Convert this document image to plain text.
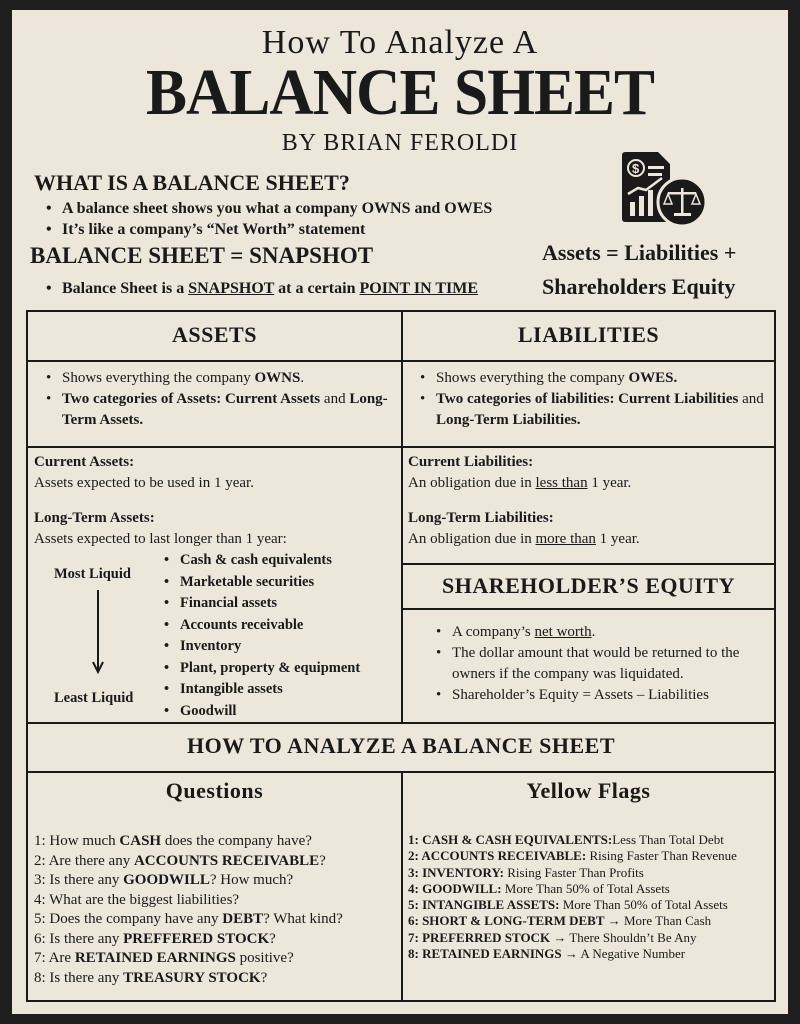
How To Analyze A
BALANCE SHEET
BY BRIAN FEROLDI
WHAT IS A BALANCE SHEET?
• A balance sheet shows you what a company OWNS and OWES
• It’s like a company’s “Net Worth” statement
BALANCE SHEET = SNAPSHOT
• Balance Sheet is a SNAPSHOT at a certain POINT IN TIME
$
Assets = Liabilities +
Shareholders Equity
ASSETS
• Shows everything the company OWNS.
• Two categories of Assets: Current Assets and Long-Term Assets.
Current Assets:
Assets expected to be used in 1 year.
Long-Term Assets:
Assets expected to last longer than 1 year:
Most Liquid
Least Liquid
• Cash & cash equivalents
• Marketable securities
• Financial assets
• Accounts receivable
• Inventory
• Plant, property & equipment
• Intangible assets
• Goodwill
LIABILITIES
• Shows everything the company OWES.
• Two categories of liabilities: Current Liabilities and Long-Term Liabilities.
Current Liabilities:
An obligation due in less than 1 year.
Long-Term Liabilities:
An obligation due in more than 1 year.
SHAREHOLDER’S EQUITY
• A company’s net worth.
• The dollar amount that would be returned to the owners if the company was liquidated.
• Shareholder’s Equity = Assets – Liabilities
HOW TO ANALYZE A BALANCE SHEET
Questions
1: How much CASH does the company have?
2: Are there any ACCOUNTS RECEIVABLE?
3: Is there any GOODWILL? How much?
4: What are the biggest liabilities?
5: Does the company have any DEBT? What kind?
6: Is there any PREFFERED STOCK?
7: Are RETAINED EARNINGS positive?
8: Is there any TREASURY STOCK?
Yellow Flags
1: CASH & CASH EQUIVALENTS:Less Than Total Debt
2: ACCOUNTS RECEIVABLE: Rising Faster Than Revenue
3: INVENTORY: Rising Faster Than Profits
4: GOODWILL: More Than 50% of Total Assets
5: INTANGIBLE ASSETS: More Than 50% of Total Assets
6: SHORT & LONG-TERM DEBT → More Than Cash
7: PREFERRED STOCK → There Shouldn’t Be Any
8: RETAINED EARNINGS → A Negative Number
